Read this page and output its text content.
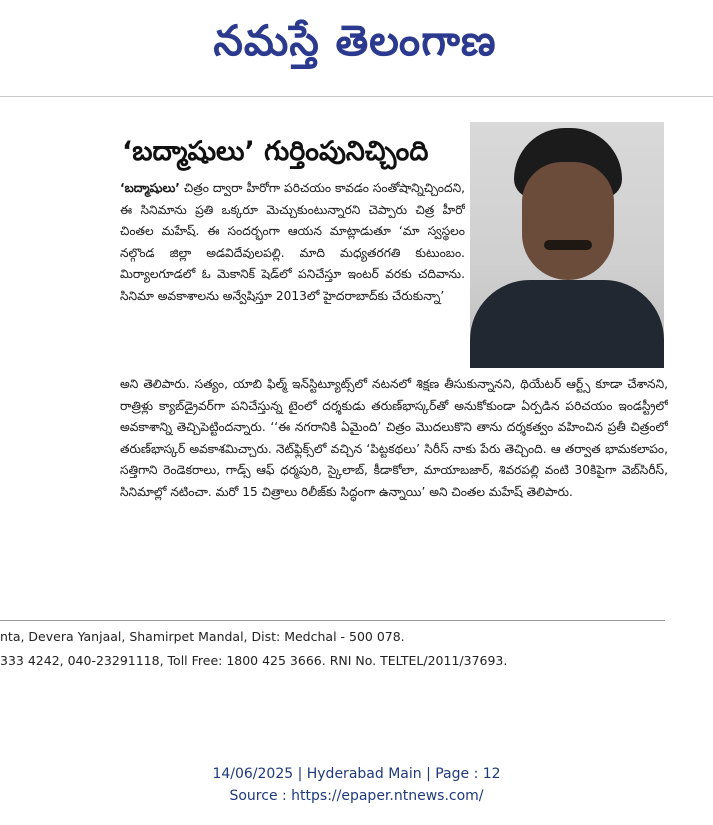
నమస్తే తెలంగాణ
‘బద్మాషులు’ గుర్తింపునిచ్చింది
‘బద్మాషులు’ చిత్రం ద్వారా హీరోగా పరిచయం కావడం సంతోషాన్నిచ్చిందని, ఈ సినిమాను ప్రతి ఒక్కరూ మెచ్చుకుంటున్నారని చెప్పారు చిత్ర హీరో చింతల మహేష్. ఈ సందర్భంగా ఆయన మాట్లాడుతూ ‘మా స్వస్థలం నల్గొండ జిల్లా అడవిదేవులపల్లి. మాది మధ్యతరగతి కుటుంబం. మిర్యాలగూడలో ఓ మెకానిక్ షెడ్‌లో పనిచేస్తూ ఇంటర్ వరకు చదివాను. సినిమా అవకాశాలను అన్వేషిస్తూ 2013లో హైదరాబాద్‌కు చేరుకున్నా’
అని తెలిపారు. సత్యం, యాబి ఫిల్మ్ ఇన్‌స్టిట్యూట్స్‌లో నటనలో శిక్షణ తీసుకున్నానని, థియేటర్ ఆర్ట్స్ కూడా చేశానని, రాత్రిళ్లు క్యాబ్‌డ్రైవర్‌గా పనిచేస్తున్న టైంలో దర్శకుడు తరుణ్‌భాస్కర్‌తో అనుకోకుండా ఏర్పడిన పరిచయం ఇండస్ట్రీలో అవకాశాన్ని తెచ్చిపెట్టిందన్నారు. ‘‘ఈ నగరానికి ఏమైంది’ చిత్రం మొదలుకొని తాను దర్శకత్వం వహించిన ప్రతీ చిత్రంలో తరుణ్‌భాస్కర్ అవకాశమిచ్చారు. నెట్‌ఫ్లిక్స్‌లో వచ్చిన ‘పిట్టకథలు’ సిరీస్ నాకు పేరు తెచ్చింది. ఆ తర్వాత భామకలాపం, సత్తిగాని రెండెకరాలు, గాడ్స్ ఆఫ్ ధర్మపురి, స్కైలాబ్, కీడాకోలా, మాయాబజార్, శివరపల్లి వంటి 30కిపైగా వెబ్‌సిరీస్, సినిమాల్లో నటించా. మరో 15 చిత్రాలు రిలీజ్‌కు సిద్ధంగా ఉన్నాయి’ అని చింతల మహేష్ తెలిపారు.
nta, Devera Yanjaal, Shamirpet Mandal, Dist: Medchal - 500 078.
333 4242, 040-23291118, Toll Free: 1800 425 3666. RNI No. TELTEL/2011/37693.
14/06/2025 | Hyderabad Main | Page : 12
Source : https://epaper.ntnews.com/
